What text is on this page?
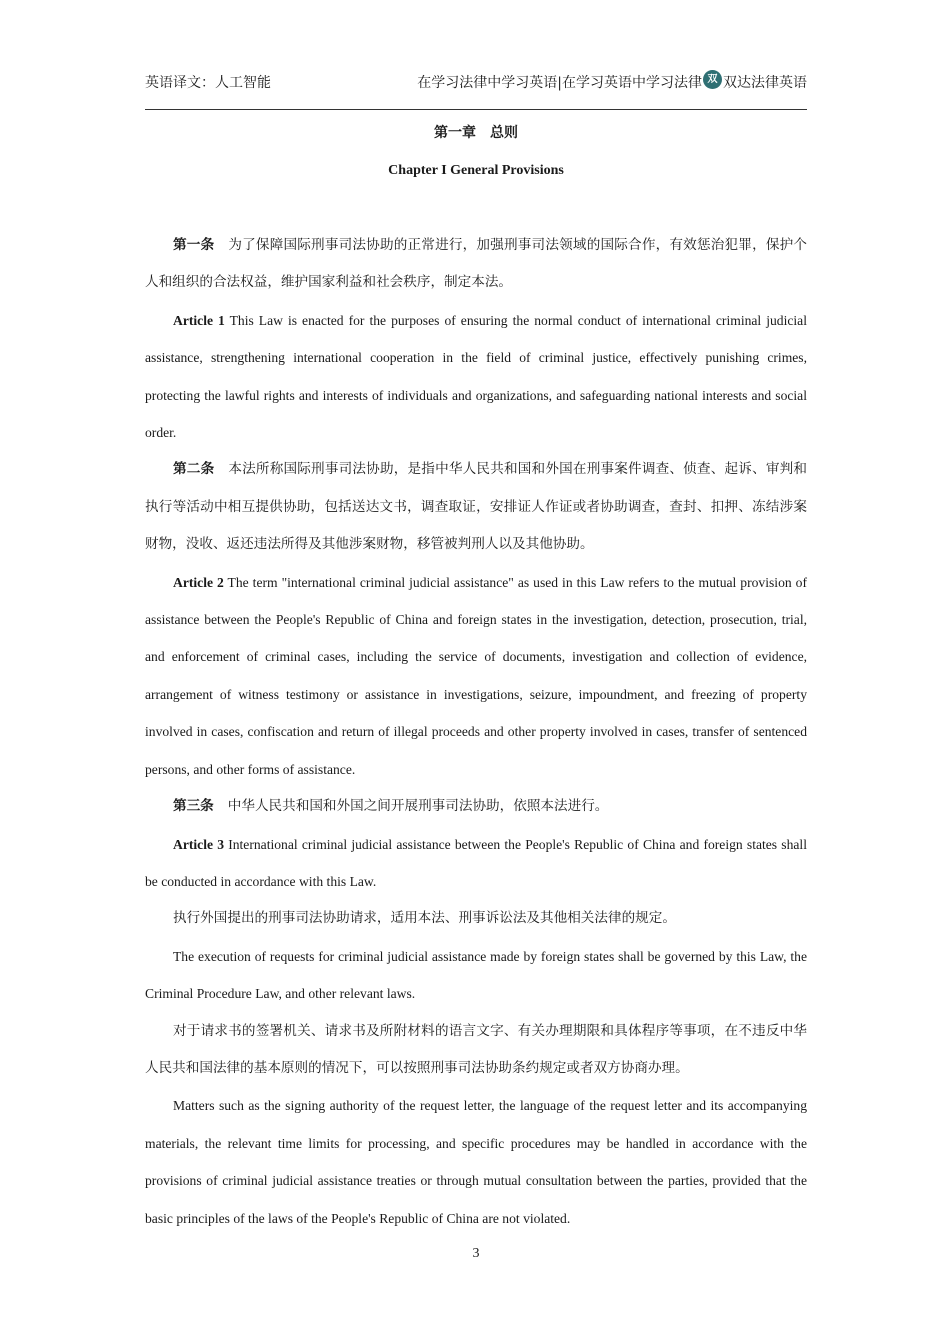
英语译文：人工智能	在学习法律中学习英语 | 在学习英语中学习法律 双 双达法律英语
第一章　总则
Chapter I General Provisions

第一条 为了保障国际刑事司法协助的正常进行，加强刑事司法领域的国际合作，有效惩治犯罪，保护个人和组织的合法权益，维护国家利益和社会秩序，制定本法。

Article 1 This Law is enacted for the purposes of ensuring the normal conduct of international criminal judicial assistance, strengthening international cooperation in the field of criminal justice, effectively punishing crimes, protecting the lawful rights and interests of individuals and organizations, and safeguarding national interests and social order.

第二条 本法所称国际刑事司法协助，是指中华人民共和国和外国在刑事案件调查、侦查、起诉、审判和执行等活动中相互提供协助，包括送达文书，调查取证，安排证人作证或者协助调查，查封、扣押、冻结涉案财物，没收、返还违法所得及其他涉案财物，移管被判刑人以及其他协助。

Article 2 The term "international criminal judicial assistance" as used in this Law refers to the mutual provision of assistance between the People's Republic of China and foreign states in the investigation, detection, prosecution, trial, and enforcement of criminal cases, including the service of documents, investigation and collection of evidence, arrangement of witness testimony or assistance in investigations, seizure, impoundment, and freezing of property involved in cases, confiscation and return of illegal proceeds and other property involved in cases, transfer of sentenced persons, and other forms of assistance.

第三条 中华人民共和国和外国之间开展刑事司法协助，依照本法进行。

Article 3 International criminal judicial assistance between the People's Republic of China and foreign states shall be conducted in accordance with this Law.

执行外国提出的刑事司法协助请求，适用本法、刑事诉讼法及其他相关法律的规定。

The execution of requests for criminal judicial assistance made by foreign states shall be governed by this Law, the Criminal Procedure Law, and other relevant laws.

对于请求书的签署机关、请求书及所附材料的语言文字、有关办理期限和具体程序等事项，在不违反中华人民共和国法律的基本原则的情况下，可以按照刑事司法协助条约规定或者双方协商办理。

Matters such as the signing authority of the request letter, the language of the request letter and its accompanying materials, the relevant time limits for processing, and specific procedures may be handled in accordance with the provisions of criminal judicial assistance treaties or through mutual consultation between the parties, provided that the basic principles of the laws of the People's Republic of China are not violated.

3
